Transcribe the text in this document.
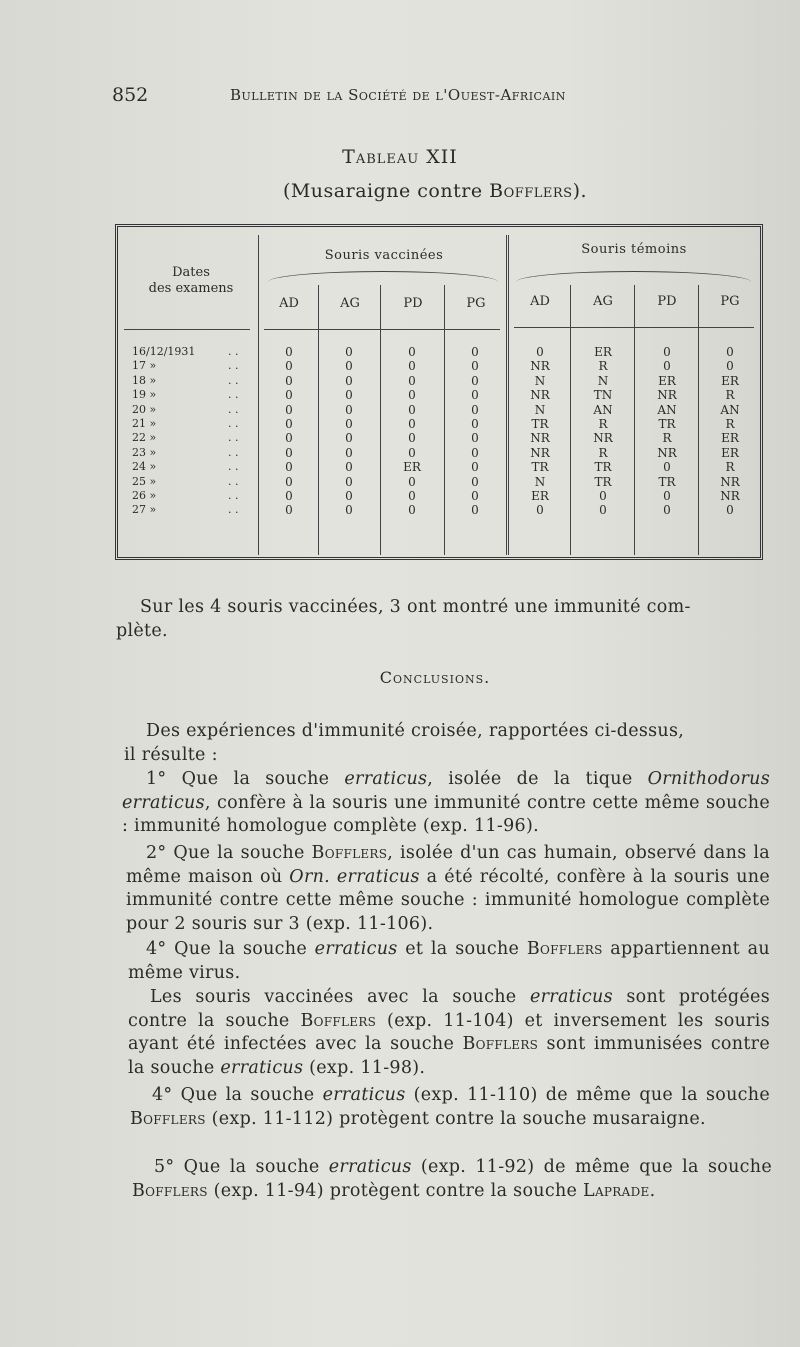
852	Bulletin de la Société de l'Ouest-Africain
Tableau XII
(Musaraigne contre Bofflers).
Dates
des examens
Souris vaccinées	Souris témoins
AD	AG	PD	PG	AD	AG	PD	PG
16/12/1931	. .	0	0	0	0	0	ER	0	0
17 »	. .	0	0	0	0	NR	R	0	0
18 »	. .	0	0	0	0	N	N	ER	ER
19 »	. .	0	0	0	0	NR	TN	NR	R
20 »	. .	0	0	0	0	N	AN	AN	AN
21 »	. .	0	0	0	0	TR	R	TR	R
22 »	. .	0	0	0	0	NR	NR	R	ER
23 »	. .	0	0	0	0	NR	R	NR	ER
24 »	. .	0	0	ER	0	TR	TR	0	R
25 »	. .	0	0	0	0	N	TR	TR	NR
26 »	. .	0	0	0	0	ER	0	0	NR
27 »	. .	0	0	0	0	0	0	0	0
Sur les 4 souris vaccinées, 3 ont montré une immunité com-
plète.
Conclusions.
Des expériences d'immunité croisée, rapportées ci-dessus,
il résulte :
1° Que la souche erraticus, isolée de la tique Ornithodorus erraticus, confère à la souris une immunité contre cette même souche : immunité homologue complète (exp. 11-96).
2° Que la souche Bofflers, isolée d'un cas humain, observé dans la même maison où Orn. erraticus a été récolté, confère à la souris une immunité contre cette même souche : immunité homologue complète pour 2 souris sur 3 (exp. 11-106).
4° Que la souche erraticus et la souche Bofflers appartiennent au même virus.
Les souris vaccinées avec la souche erraticus sont protégées contre la souche Bofflers (exp. 11-104) et inversement les souris ayant été infectées avec la souche Bofflers sont immunisées contre la souche erraticus (exp. 11-98).
4° Que la souche erraticus (exp. 11-110) de même que la souche Bofflers (exp. 11-112) protègent contre la souche musaraigne.
5° Que la souche erraticus (exp. 11-92) de même que la souche Bofflers (exp. 11-94) protègent contre la souche Laprade.
